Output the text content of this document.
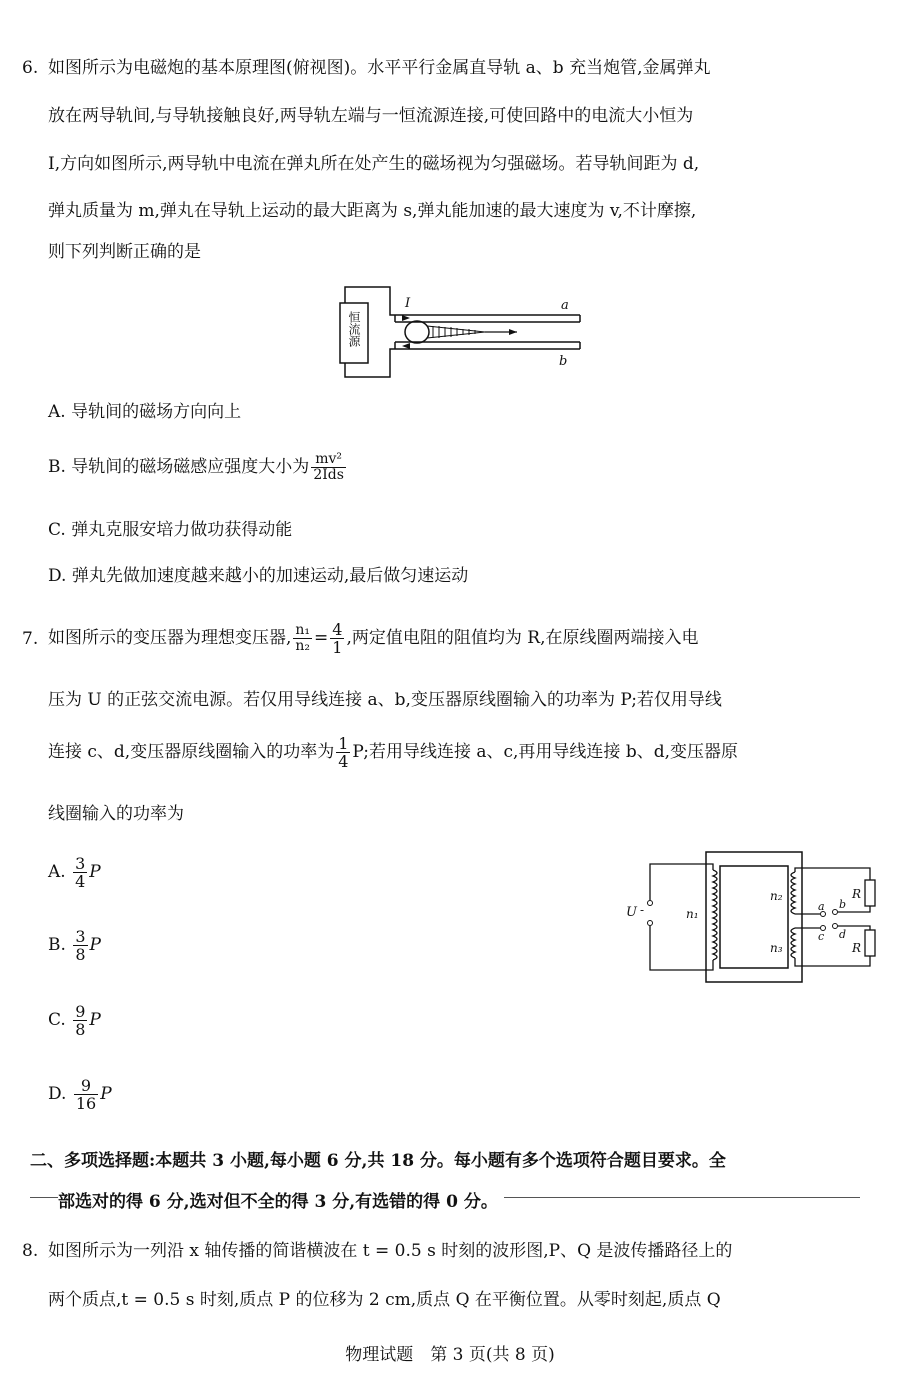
6. 如图所示为电磁炮的基本原理图(俯视图)。水平平行金属直导轨 a、b 充当炮管,金属弹丸
放在两导轨间,与导轨接触良好,两导轨左端与一恒流源连接,可使回路中的电流大小恒为
I,方向如图所示,两导轨中电流在弹丸所在处产生的磁场视为匀强磁场。若导轨间距为 d,
弹丸质量为 m,弹丸在导轨上运动的最大距离为 s,弹丸能加速的最大速度为 v,不计摩擦,
则下列判断正确的是
恒流源
I	a
b
A. 导轨间的磁场方向向上
B. 导轨间的磁场磁感应强度大小为 $\frac{\text{mv²}}{\text{2Ids}}$
C. 弹丸克服安培力做功获得动能
D. 弹丸先做加速度越来越小的加速运动,最后做匀速运动
7. 如图所示的变压器为理想变压器, $\frac{\text{n₁}}{\text{n₂}} = \frac{4}{1}$ ,两定值电阻的阻值均为 R,在原线圈两端接入电
压为 U 的正弦交流电源。若仅用导线连接 a、b,变压器原线圈输入的功率为 P;若仅用导线
连接 c、d,变压器原线圈输入的功率为 $\frac{1}{4} P$;若用导线连接 a、c,再用导线连接 b、d,变压器原
线圈输入的功率为
A. $\frac{3}{4}$ P
B. $\frac{3}{8}$ P
C. $\frac{9}{8}$ P
D. $\frac{9}{16}$ P
U -	n₁
n₂
n₃
a b
c d
R
R
二、多项选择题:本题共 3 小题,每小题 6 分,共 18 分。每小题有多个选项符合题目要求。全
部选对的得 6 分,选对但不全的得 3 分,有选错的得 0 分。
8. 如图所示为一列沿 x 轴传播的简谐横波在 t = 0.5 s 时刻的波形图,P、Q 是波传播路径上的
两个质点,t = 0.5 s 时刻,质点 P 的位移为 2 cm,质点 Q 在平衡位置。从零时刻起,质点 Q
物理试题　第 3 页(共 8 页)
